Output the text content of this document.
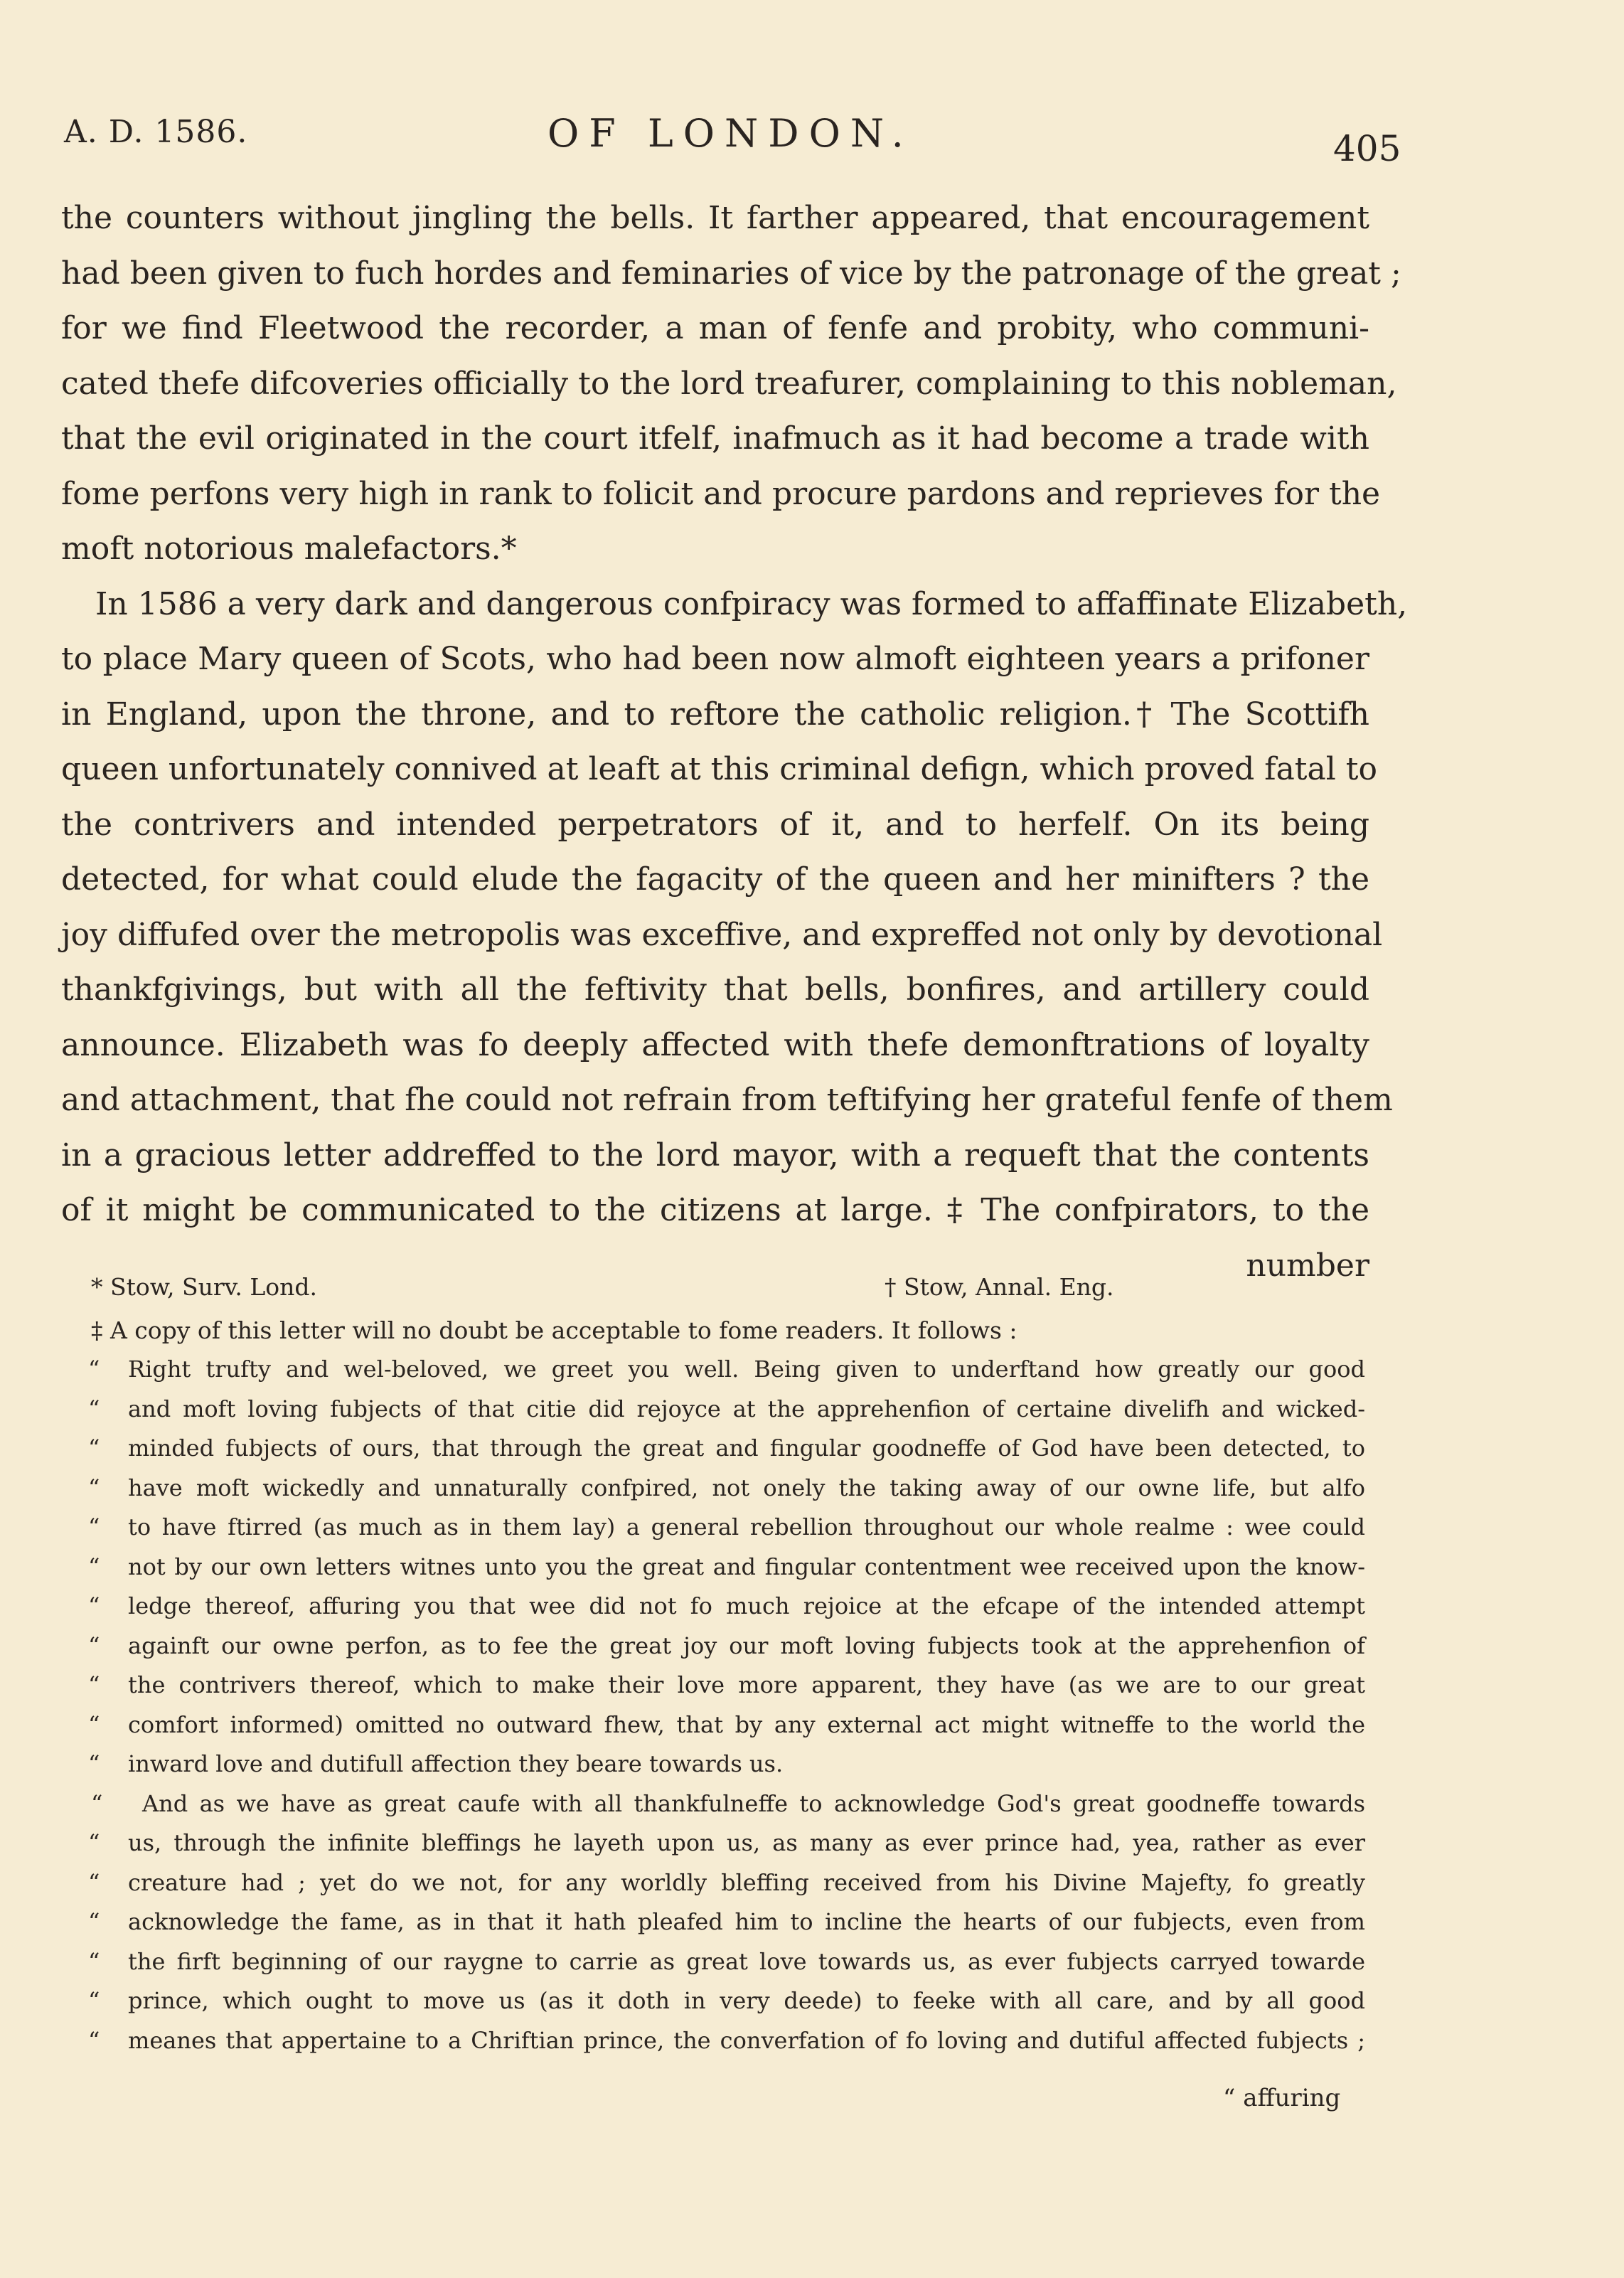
A. D. 1586.	OF LONDON.	405
the counters without jingling the bells. It farther appeared, that encouragement
had been given to fuch hordes and feminaries of vice by the patronage of the great ;
for we find Fleetwood the recorder, a man of fenfe and probity, who communi-
cated thefe difcoveries officially to the lord treafurer, complaining to this nobleman,
that the evil originated in the court itfelf, inafmuch as it had become a trade with
fome perfons very high in rank to folicit and procure pardons and reprieves for the
moft notorious malefactors.*
In 1586 a very dark and dangerous confpiracy was formed to affaffinate Elizabeth,
to place Mary queen of Scots, who had been now almoft eighteen years a prifoner
in England, upon the throne, and to reftore the catholic religion.† The Scottifh
queen unfortunately connived at leaft at this criminal defign, which proved fatal to
the contrivers and intended perpetrators of it, and to herfelf. On its being
detected, for what could elude the fagacity of the queen and her minifters ? the
joy diffufed over the metropolis was exceffive, and expreffed not only by devotional
thankfgivings, but with all the feftivity that bells, bonfires, and artillery could
announce. Elizabeth was fo deeply affected with thefe demonftrations of loyalty
and attachment, that fhe could not refrain from teftifying her grateful fenfe of them
in a gracious letter addreffed to the lord mayor, with a requeft that the contents
of it might be communicated to the citizens at large. ‡ The confpirators, to the
number
* Stow, Surv. Lond.	† Stow, Annal. Eng.
‡ A copy of this letter will no doubt be acceptable to fome readers. It follows :
“ Right trufty and wel-beloved, we greet you well. Being given to underftand how greatly our good
“ and moft loving fubjects of that citie did rejoyce at the apprehenfion of certaine divelifh and wicked-
“ minded fubjects of ours, that through the great and fingular goodneffe of God have been detected, to
“ have moft wickedly and unnaturally confpired, not onely the taking away of our owne life, but alfo
“ to have ftirred (as much as in them lay) a general rebellion throughout our whole realme : wee could
“ not by our own letters witnes unto you the great and fingular contentment wee received upon the know-
“ ledge thereof, affuring you that wee did not fo much rejoice at the efcape of the intended attempt
“ againft our owne perfon, as to fee the great joy our moft loving fubjects took at the apprehenfion of
“ the contrivers thereof, which to make their love more apparent, they have (as we are to our great
“ comfort informed) omitted no outward fhew, that by any external act might witneffe to the world the
“ inward love and dutifull affection they beare towards us.
“ And as we have as great caufe with all thankfulneffe to acknowledge God's great goodneffe towards
“ us, through the infinite bleffings he layeth upon us, as many as ever prince had, yea, rather as ever
“ creature had ; yet do we not, for any worldly bleffing received from his Divine Majefty, fo greatly
“ acknowledge the fame, as in that it hath pleafed him to incline the hearts of our fubjects, even from
“ the firft beginning of our raygne to carrie as great love towards us, as ever fubjects carryed towarde
“ prince, which ought to move us (as it doth in very deede) to feeke with all care, and by all good
“ meanes that appertaine to a Chriftian prince, the converfation of fo loving and dutiful affected fubjects ;
“ affuring
